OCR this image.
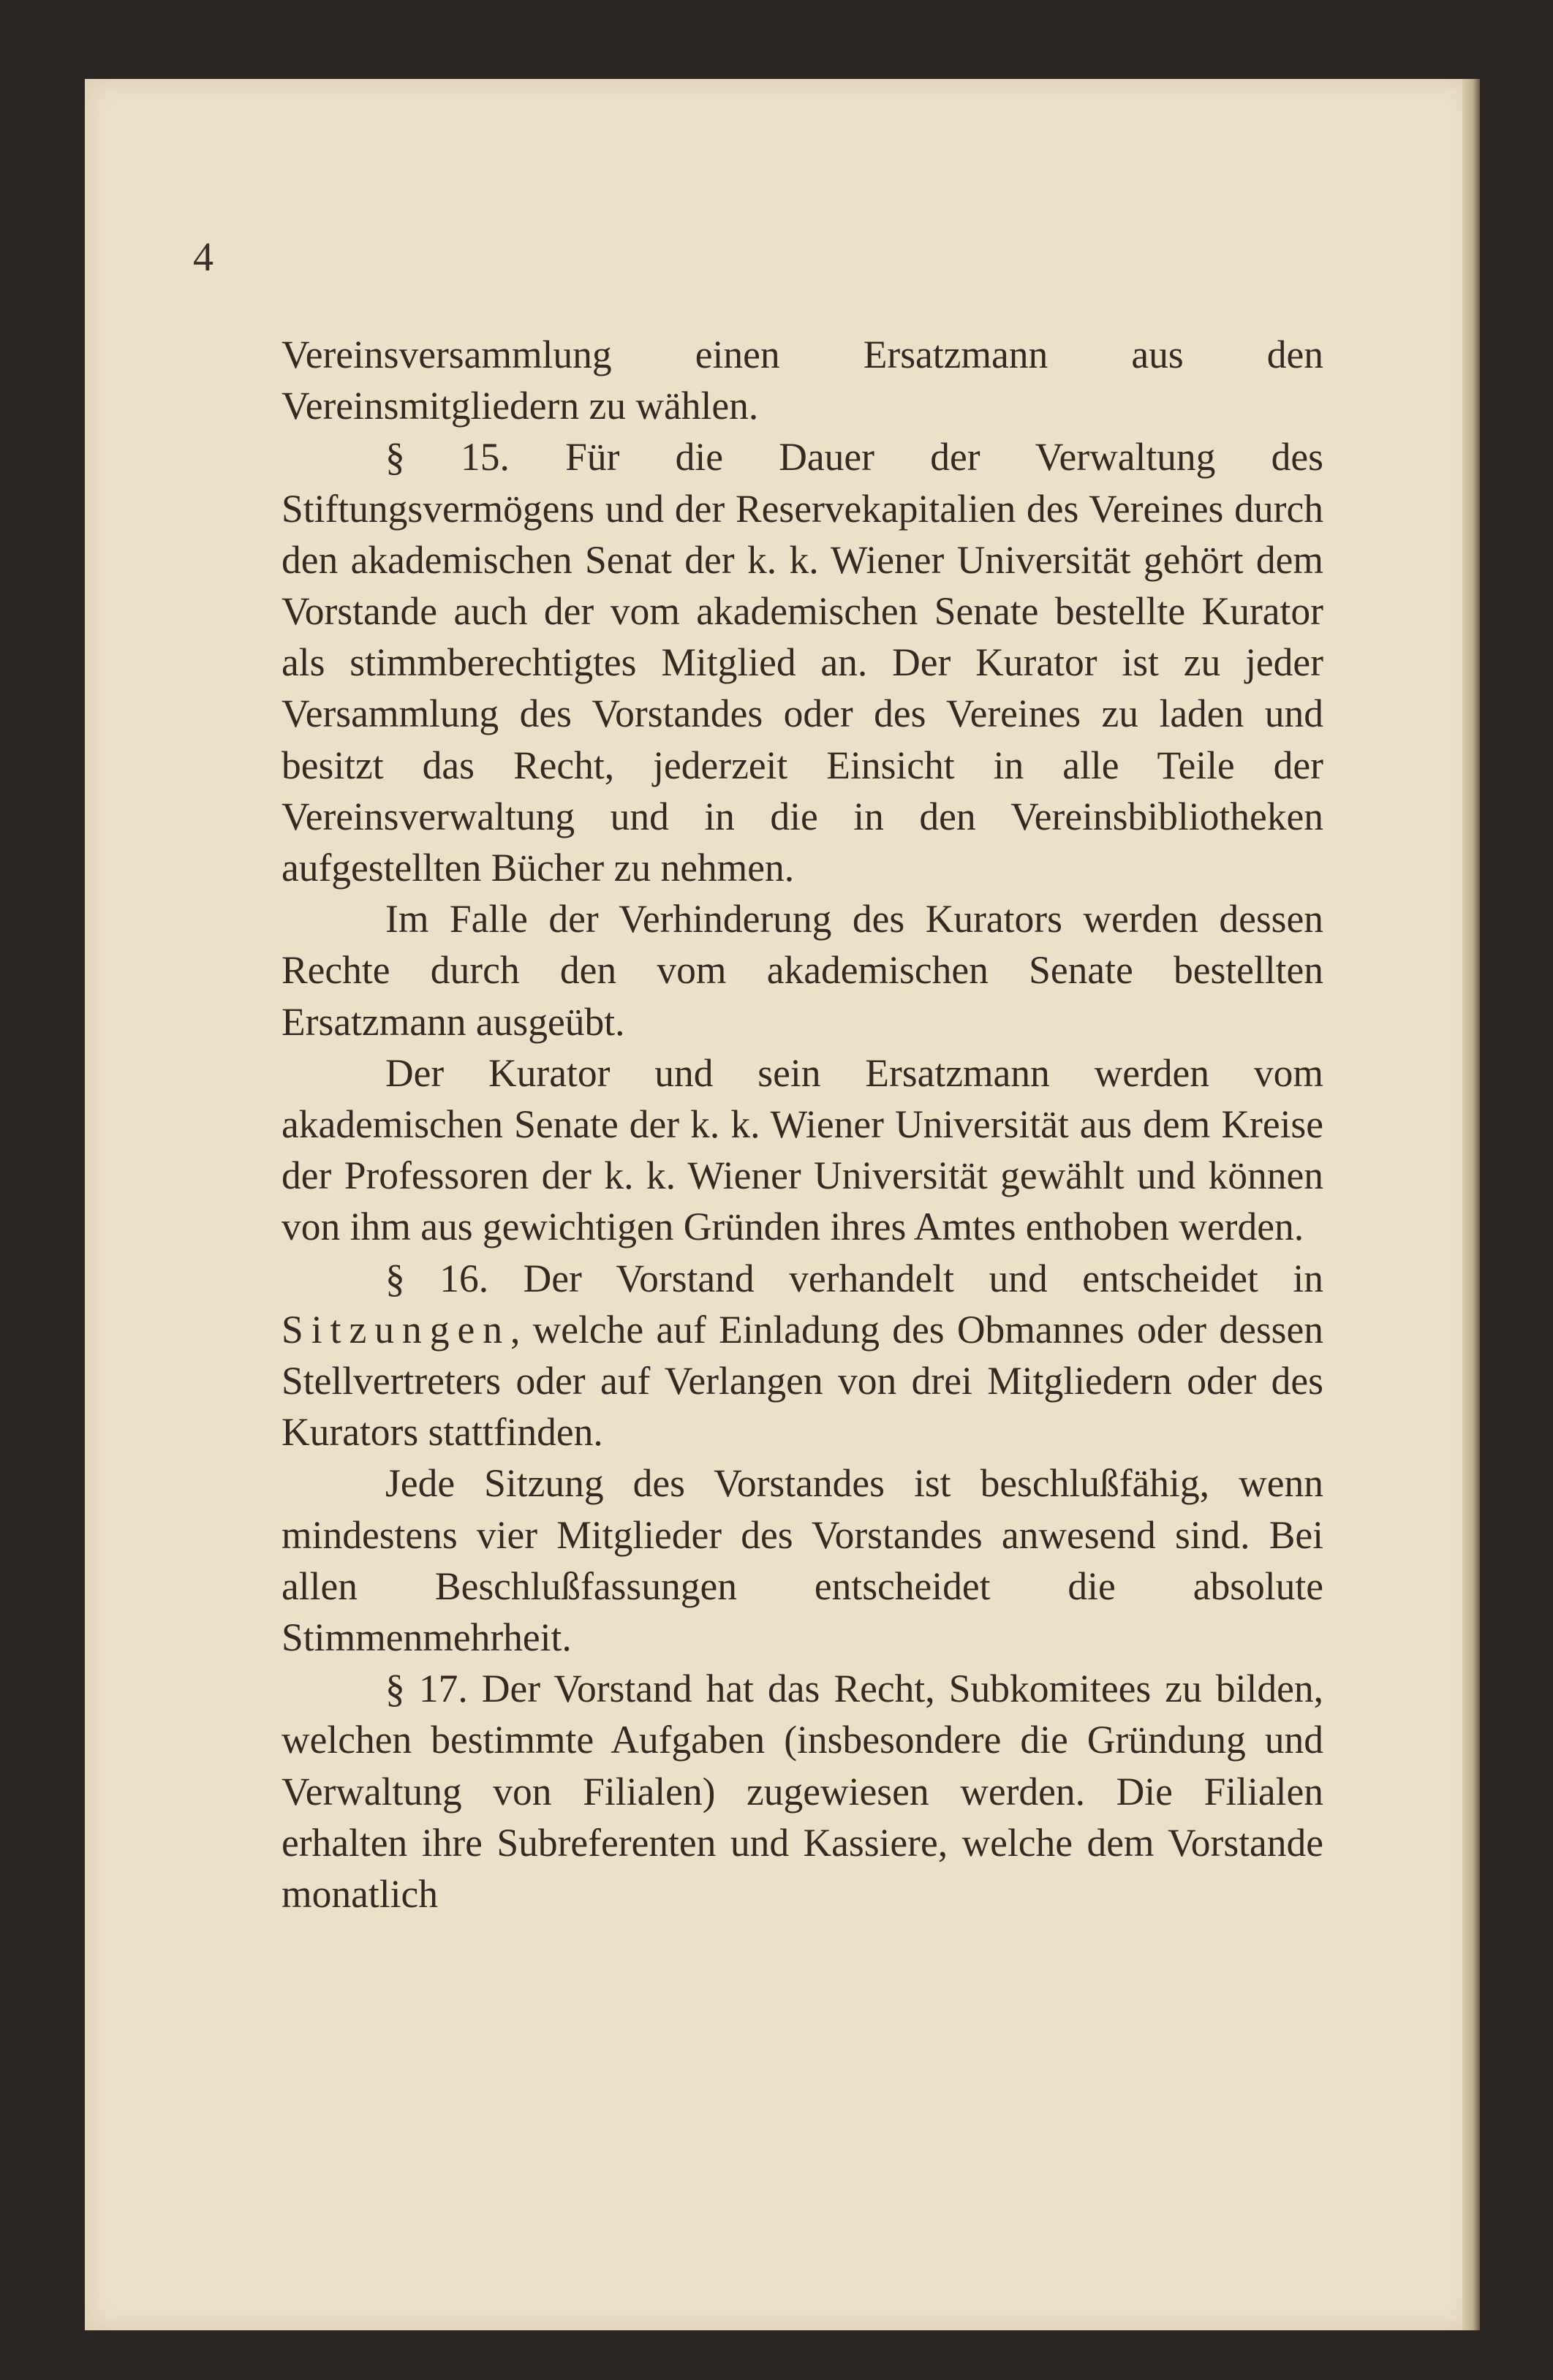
4

Vereinsversammlung einen Ersatzmann aus den Vereinsmitgliedern zu wählen.

§ 15. Für die Dauer der Verwaltung des Stiftungsvermögens und der Reservekapitalien des Vereines durch den akademischen Senat der k. k. Wiener Universität gehört dem Vorstande auch der vom akademischen Senate bestellte Kurator als stimmberechtigtes Mitglied an. Der Kurator ist zu jeder Versammlung des Vorstandes oder des Vereines zu laden und besitzt das Recht, jederzeit Einsicht in alle Teile der Vereinsverwaltung und in die in den Vereinsbibliotheken aufgestellten Bücher zu nehmen.

Im Falle der Verhinderung des Kurators werden dessen Rechte durch den vom akademischen Senate bestellten Ersatzmann ausgeübt.

Der Kurator und sein Ersatzmann werden vom akademischen Senate der k. k. Wiener Universität aus dem Kreise der Professoren der k. k. Wiener Universität gewählt und können von ihm aus gewichtigen Gründen ihres Amtes enthoben werden.

§ 16. Der Vorstand verhandelt und entscheidet in Sitzungen, welche auf Einladung des Obmannes oder dessen Stellvertreters oder auf Verlangen von drei Mitgliedern oder des Kurators stattfinden.

Jede Sitzung des Vorstandes ist beschlußfähig, wenn mindestens vier Mitglieder des Vorstandes anwesend sind. Bei allen Beschlußfassungen entscheidet die absolute Stimmenmehrheit.

§ 17. Der Vorstand hat das Recht, Subkomitees zu bilden, welchen bestimmte Aufgaben (insbesondere die Gründung und Verwaltung von Filialen) zugewiesen werden. Die Filialen erhalten ihre Subreferenten und Kassiere, welche dem Vorstande monatlich
